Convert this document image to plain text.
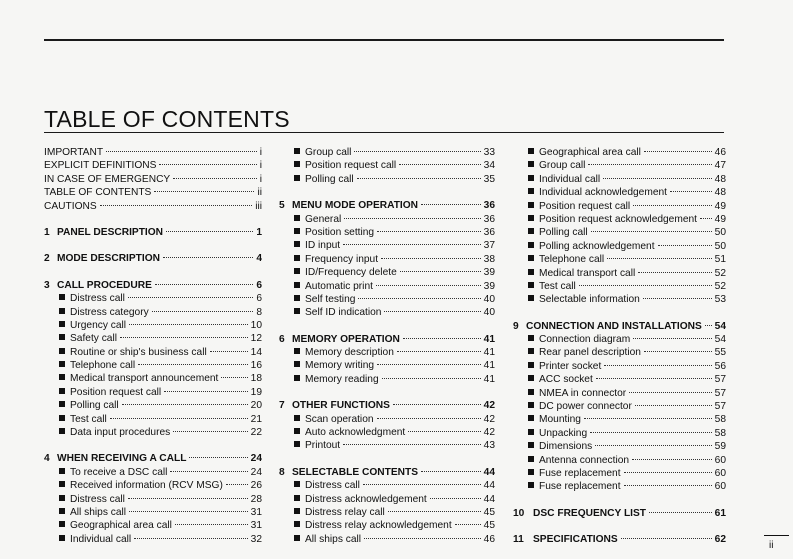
TABLE OF CONTENTS
IMPORTANT	i
EXPLICIT DEFINITIONS	i
IN CASE OF EMERGENCY	i
TABLE OF CONTENTS	ii
CAUTIONS	iii
1 PANEL DESCRIPTION	1
2 MODE DESCRIPTION	4
3 CALL PROCEDURE	6
Distress call	6
Distress category	8
Urgency call	10
Safety call	12
Routine or ship's business call	14
Telephone call	16
Medical transport announcement	18
Position request call	19
Polling call	20
Test call	21
Data input procedures	22
4 WHEN RECEIVING A CALL	24
To receive a DSC call	24
Received information (RCV MSG)	26
Distress call	28
All ships call	31
Geographical area call	31
Individual call	32
Group call	33
Position request call	34
Polling call	35
5 MENU MODE OPERATION	36
General	36
Position setting	36
ID input	37
Frequency input	38
ID/Frequency delete	39
Automatic print	39
Self testing	40
Self ID indication	40
6 MEMORY OPERATION	41
Memory description	41
Memory writing	41
Memory reading	41
7 OTHER FUNCTIONS	42
Scan operation	42
Auto acknowledgment	42
Printout	43
8 SELECTABLE CONTENTS	44
Distress call	44
Distress acknowledgement	44
Distress relay call	45
Distress relay acknowledgement	45
All ships call	46
Geographical area call	46
Group call	47
Individual call	48
Individual acknowledgement	48
Position request call	49
Position request acknowledgement 49
Polling call	50
Polling acknowledgement	50
Telephone call	51
Medical transport call	52
Test call	52
Selectable information	53
9 CONNECTION AND INSTALLATIONS 54
Connection diagram	54
Rear panel description	55
Printer socket	56
ACC socket	57
NMEA in connector	57
DC power connector	57
Mounting	58
Unpacking	58
Dimensions	59
Antenna connection	60
Fuse replacement	60
Fuse replacement	60
10 DSC FREQUENCY LIST	61
11 SPECIFICATIONS	62
ii
